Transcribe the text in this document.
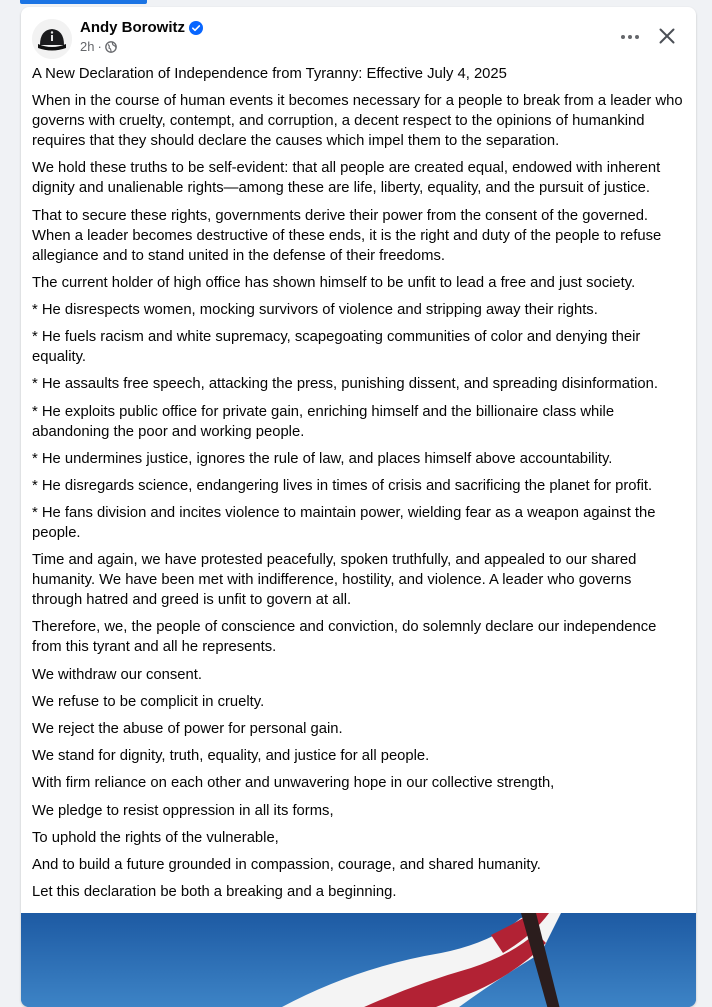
Andy Borowitz
2h ·

A New Declaration of Independence from Tyranny: Effective July 4, 2025

When in the course of human events it becomes necessary for a people to break from a leader who governs with cruelty, contempt, and corruption, a decent respect to the opinions of humankind requires that they should declare the causes which impel them to the separation.

We hold these truths to be self-evident: that all people are created equal, endowed with inherent dignity and unalienable rights—among these are life, liberty, equality, and the pursuit of justice.

That to secure these rights, governments derive their power from the consent of the governed. When a leader becomes destructive of these ends, it is the right and duty of the people to refuse allegiance and to stand united in the defense of their freedoms.

The current holder of high office has shown himself to be unfit to lead a free and just society.

* He disrespects women, mocking survivors of violence and stripping away their rights.

* He fuels racism and white supremacy, scapegoating communities of color and denying their equality.

* He assaults free speech, attacking the press, punishing dissent, and spreading disinformation.

* He exploits public office for private gain, enriching himself and the billionaire class while abandoning the poor and working people.

* He undermines justice, ignores the rule of law, and places himself above accountability.

* He disregards science, endangering lives in times of crisis and sacrificing the planet for profit.

* He fans division and incites violence to maintain power, wielding fear as a weapon against the people.

Time and again, we have protested peacefully, spoken truthfully, and appealed to our shared humanity. We have been met with indifference, hostility, and violence. A leader who governs through hatred and greed is unfit to govern at all.

Therefore, we, the people of conscience and conviction, do solemnly declare our independence from this tyrant and all he represents.

We withdraw our consent.

We refuse to be complicit in cruelty.

We reject the abuse of power for personal gain.

We stand for dignity, truth, equality, and justice for all people.

With firm reliance on each other and unwavering hope in our collective strength,

We pledge to resist oppression in all its forms,

To uphold the rights of the vulnerable,

And to build a future grounded in compassion, courage, and shared humanity.

Let this declaration be both a breaking and a beginning.
